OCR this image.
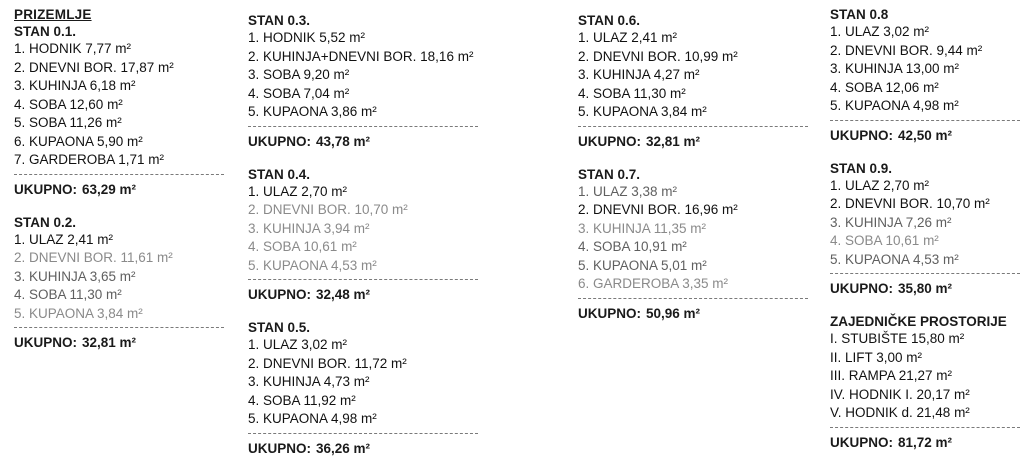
PRIZEMLJE
STAN 0.1.
1. HODNIK 7,77 m²
2. DNEVNI BOR. 17,87 m²
3. KUHINJA 6,18 m²
4. SOBA 12,60 m²
5. SOBA 11,26 m²
6. KUPAONA 5,90 m²
7. GARDEROBA 1,71 m²
UKUPNO: 63,29 m²
STAN 0.2.
1. ULAZ 2,41 m²
2. DNEVNI BOR. 11,61 m²
3. KUHINJA 3,65 m²
4. SOBA 11,30 m²
5. KUPAONA 3,84 m²
UKUPNO: 32,81 m²
STAN 0.3.
1. HODNIK 5,52 m²
2. KUHINJA+DNEVNI BOR. 18,16 m²
3. SOBA 9,20 m²
4. SOBA 7,04 m²
5. KUPAONA 3,86 m²
UKUPNO: 43,78 m²
STAN 0.4.
1. ULAZ 2,70 m²
2. DNEVNI BOR. 10,70 m²
3. KUHINJA 3,94 m²
4. SOBA 10,61 m²
5. KUPAONA 4,53 m²
UKUPNO: 32,48 m²
STAN 0.5.
1. ULAZ 3,02 m²
2. DNEVNI BOR. 11,72 m²
3. KUHINJA 4,73 m²
4. SOBA 11,92 m²
5. KUPAONA 4,98 m²
UKUPNO: 36,26 m²
STAN 0.6.
1. ULAZ 2,41 m²
2. DNEVNI BOR. 10,99 m²
3. KUHINJA 4,27 m²
4. SOBA 11,30 m²
5. KUPAONA 3,84 m²
UKUPNO: 32,81 m²
STAN 0.7.
1. ULAZ 3,38 m²
2. DNEVNI BOR. 16,96 m²
3. KUHINJA 11,35 m²
4. SOBA 10,91 m²
5. KUPAONA 5,01 m²
6. GARDEROBA 3,35 m²
UKUPNO: 50,96 m²
STAN 0.8
1. ULAZ 3,02 m²
2. DNEVNI BOR. 9,44 m²
3. KUHINJA 13,00 m²
4. SOBA 12,06 m²
5. KUPAONA 4,98 m²
UKUPNO: 42,50 m²
STAN 0.9.
1. ULAZ 2,70 m²
2. DNEVNI BOR. 10,70 m²
3. KUHINJA 7,26 m²
4. SOBA 10,61 m²
5. KUPAONA 4,53 m²
UKUPNO: 35,80 m²
ZAJEDNIČKE PROSTORIJE
I. STUBIŠTE 15,80 m²
II. LIFT 3,00 m²
III. RAMPA 21,27 m²
IV. HODNIK I. 20,17 m²
V. HODNIK d. 21,48 m²
UKUPNO: 81,72 m²
